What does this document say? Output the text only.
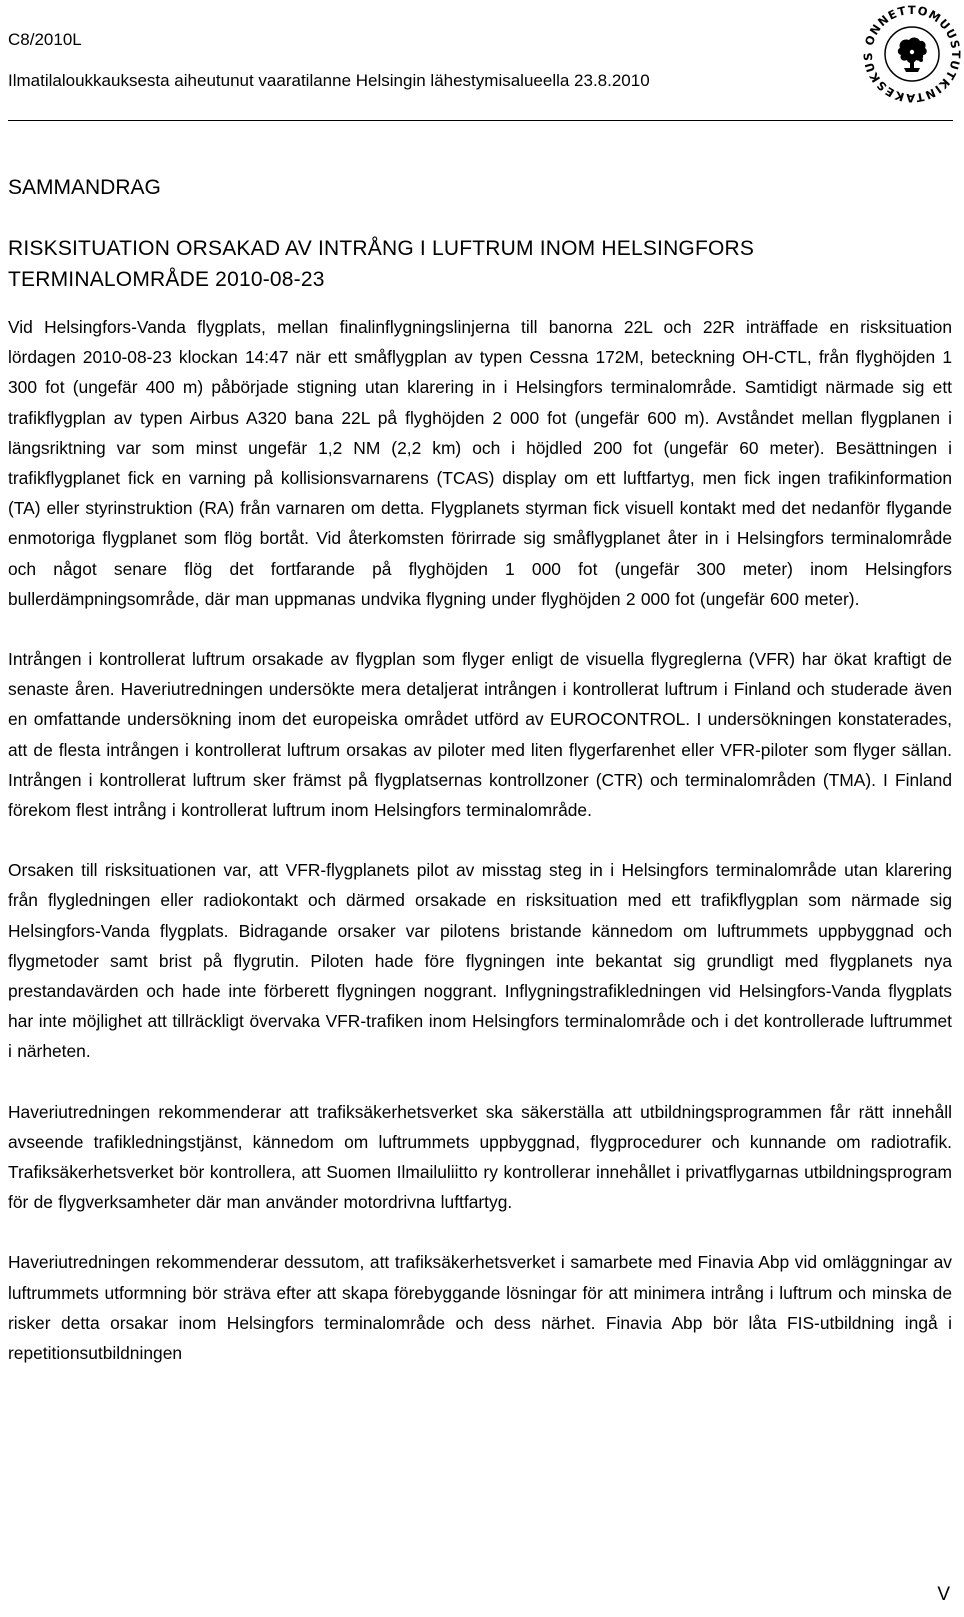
C8/2010L
Ilmatilaloukkauksesta aiheutunut vaaratilanne Helsingin lähestymisalueella 23.8.2010
ONNETTOMUUSTUTKINTAKESKUS
SAMMANDRAG
RISKSITUATION ORSAKAD AV INTRÅNG I LUFTRUM INOM HELSINGFORS TERMINALOMRÅDE 2010-08-23

Vid Helsingfors-Vanda flygplats, mellan finalinflygningslinjerna till banorna 22L och 22R inträffade en risksituation lördagen 2010-08-23 klockan 14:47 när ett småflygplan av typen Cessna 172M, beteckning OH-CTL, från flyghöjden 1 300 fot (ungefär 400 m) påbörjade stigning utan klarering in i Helsingfors terminalområde. Samtidigt närmade sig ett trafikflygplan av typen Airbus A320 bana 22L på flyghöjden 2 000 fot (ungefär 600 m). Avståndet mellan flygplanen i längsriktning var som minst ungefär 1,2 NM (2,2 km) och i höjdled 200 fot (ungefär 60 meter). Besättningen i trafikflygplanet fick en varning på kollisionsvarnarens (TCAS) display om ett luftfartyg, men fick ingen trafikinformation (TA) eller styrinstruktion (RA) från varnaren om detta. Flygplanets styrman fick visuell kontakt med det nedanför flygande enmotoriga flygplanet som flög bortåt. Vid återkomsten förirrade sig småflygplanet åter in i Helsingfors terminalområde och något senare flög det fortfarande på flyghöjden 1 000 fot (ungefär 300 meter) inom Helsingfors bullerdämpningsområde, där man uppmanas undvika flygning under flyghöjden 2 000 fot (ungefär 600 meter).

Intrången i kontrollerat luftrum orsakade av flygplan som flyger enligt de visuella flygreglerna (VFR) har ökat kraftigt de senaste åren. Haveriutredningen undersökte mera detaljerat intrången i kontrollerat luftrum i Finland och studerade även en omfattande undersökning inom det europeiska området utförd av EUROCONTROL. I undersökningen konstaterades, att de flesta intrången i kontrollerat luftrum orsakas av piloter med liten flygerfarenhet eller VFR-piloter som flyger sällan. Intrången i kontrollerat luftrum sker främst på flygplatsernas kontrollzoner (CTR) och terminalområden (TMA). I Finland förekom flest intrång i kontrollerat luftrum inom Helsingfors terminalområde.

Orsaken till risksituationen var, att VFR-flygplanets pilot av misstag steg in i Helsingfors terminalområde utan klarering från flygledningen eller radiokontakt och därmed orsakade en risksituation med ett trafikflygplan som närmade sig Helsingfors-Vanda flygplats. Bidragande orsaker var pilotens bristande kännedom om luftrummets uppbyggnad och flygmetoder samt brist på flygrutin. Piloten hade före flygningen inte bekantat sig grundligt med flygplanets nya prestandavärden och hade inte förberett flygningen noggrant. Inflygningstrafikledningen vid Helsingfors-Vanda flygplats har inte möjlighet att tillräckligt övervaka VFR-trafiken inom Helsingfors terminalområde och i det kontrollerade luftrummet i närheten.

Haveriutredningen rekommenderar att trafiksäkerhetsverket ska säkerställa att utbildningsprogrammen får rätt innehåll avseende trafikledningstjänst, kännedom om luftrummets uppbyggnad, flygprocedurer och kunnande om radiotrafik. Trafiksäkerhetsverket bör kontrollera, att Suomen Ilmailuliitto ry kontrollerar innehållet i privatflygarnas utbildningsprogram för de flygverksamheter där man använder motordrivna luftfartyg.

Haveriutredningen rekommenderar dessutom, att trafiksäkerhetsverket i samarbete med Finavia Abp vid omläggningar av luftrummets utformning bör sträva efter att skapa förebyggande lösningar för att minimera intrång i luftrum och minska de risker detta orsakar inom Helsingfors terminalområde och dess närhet. Finavia Abp bör låta FIS-utbildning ingå i repetitionsutbildningen

V
